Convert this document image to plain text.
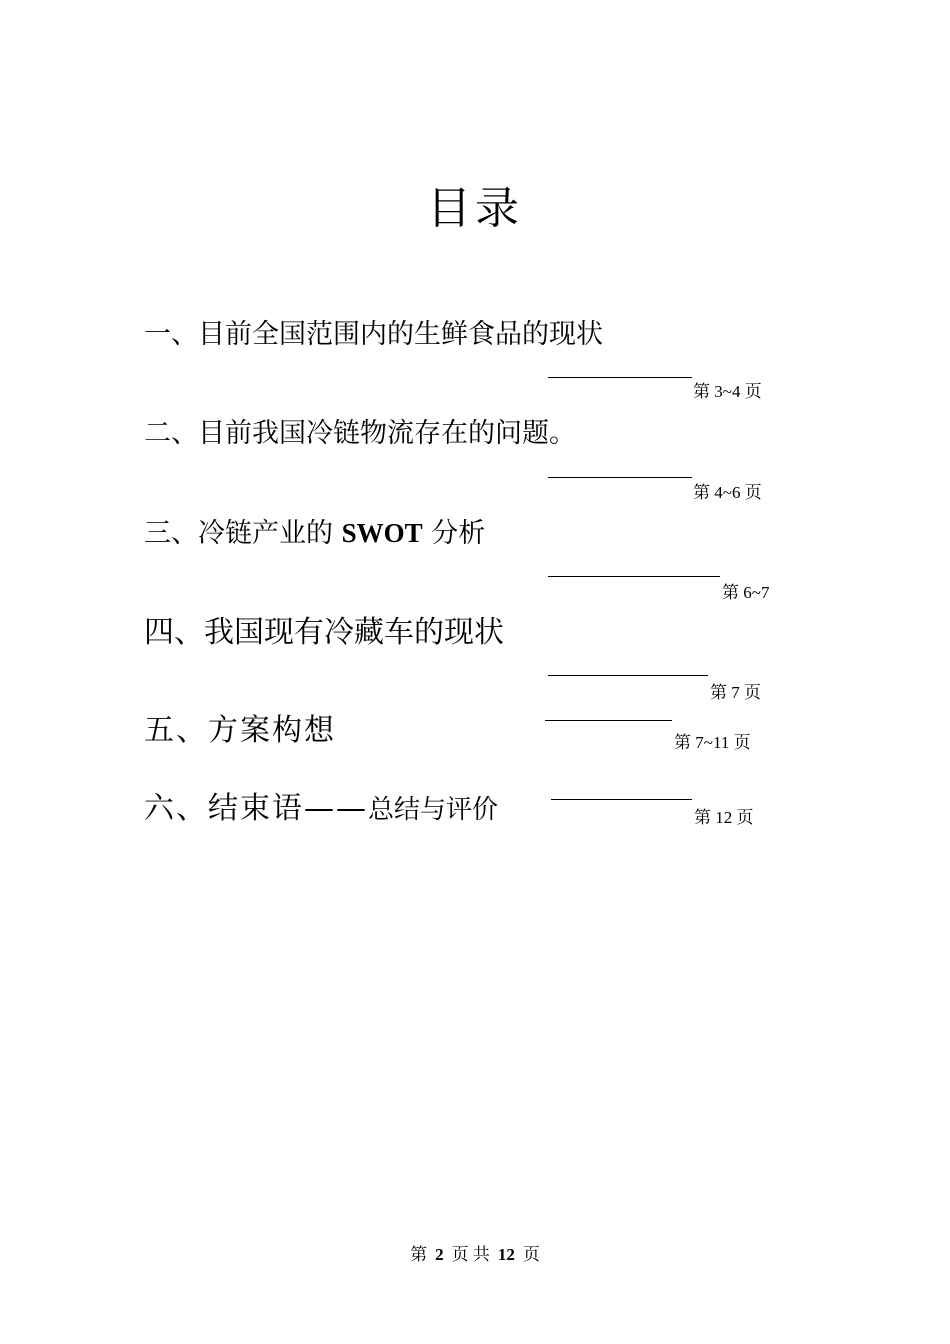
目录
一、目前全国范围内的生鲜食品的现状
第 3~4 页
二、目前我国冷链物流存在的问题。
第 4~6 页
三、冷链产业的 SWOT 分析
第 6~7
四、我国现有冷藏车的现状
第 7 页
五、方案构想	第 7~11 页
六、结束语——总结与评价	第 12 页
第 2 页 共 12 页
